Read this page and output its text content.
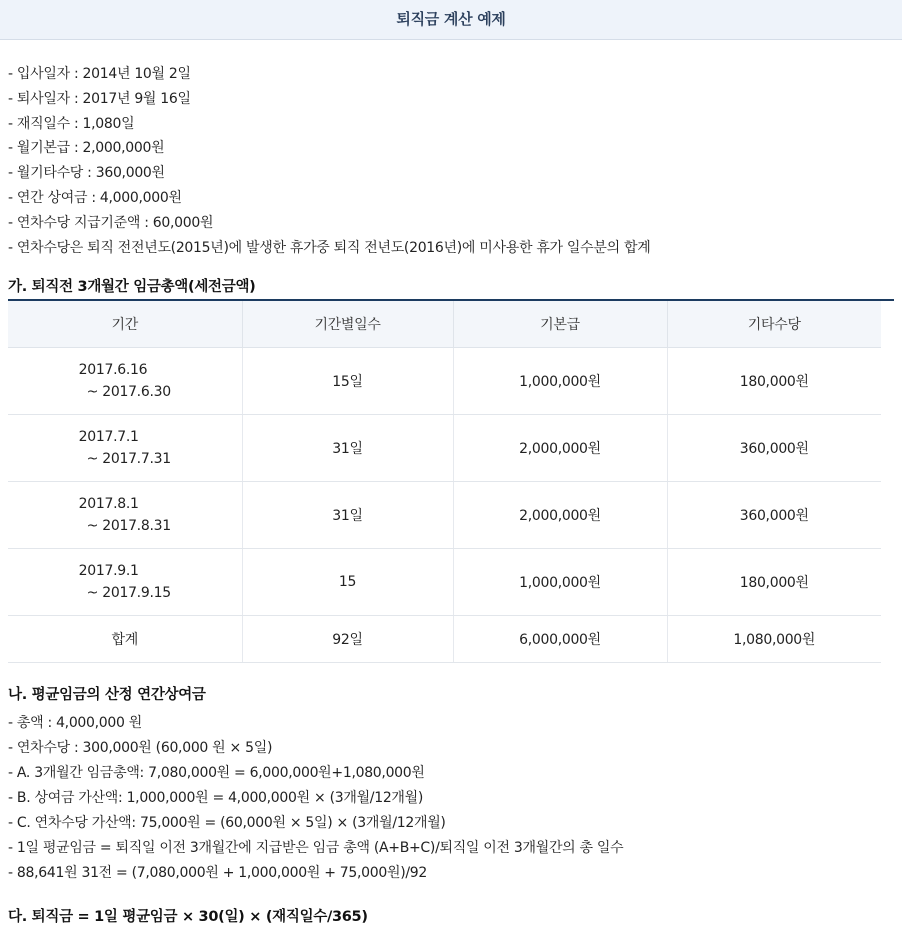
퇴직금 계산 예제
- 입사일자 : 2014년 10월 2일
- 퇴사일자 : 2017년 9월 16일
- 재직일수 : 1,080일
- 월기본급 : 2,000,000원
- 월기타수당 : 360,000원
- 연간 상여금 : 4,000,000원
- 연차수당 지급기준액 : 60,000원
- 연차수당은 퇴직 전전년도(2015년)에 발생한 휴가중 퇴직 전년도(2016년)에 미사용한 휴가 일수분의 합계
가. 퇴직전 3개월간 임금총액(세전금액)
기간	기간별일수	기본급	기타수당

2017.6.16
~ 2017.6.30	15일	1,000,000원	180,000원

2017.7.1
~ 2017.7.31	31일	2,000,000원	360,000원

2017.8.1
~ 2017.8.31	31일	2,000,000원	360,000원

2017.9.1
~ 2017.9.15	15	1,000,000원	180,000원
합계	92일	6,000,000원	1,080,000원
나. 평균임금의 산정 연간상여금
- 총액 : 4,000,000 원
- 연차수당 : 300,000원 (60,000 원 × 5일)
- A. 3개월간 임금총액: 7,080,000원 = 6,000,000원+1,080,000원
- B. 상여금 가산액: 1,000,000원 = 4,000,000원 × (3개월/12개월)
- C. 연차수당 가산액: 75,000원 = (60,000원 × 5일) × (3개월/12개월)
- 1일 평균임금 = 퇴직일 이전 3개월간에 지급받은 임금 총액 (A+B+C)/퇴직일 이전 3개월간의 총 일수
- 88,641원 31전 = (7,080,000원 + 1,000,000원 + 75,000원)/92
다. 퇴직금 = 1일 평균임금 × 30(일) × (재직일수/365)
